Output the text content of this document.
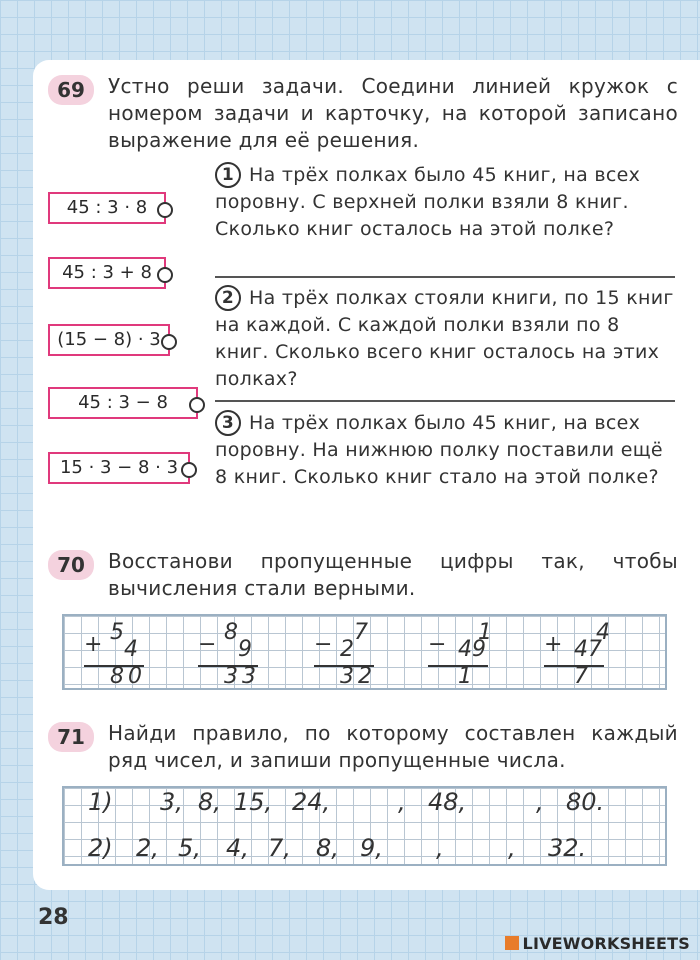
69	Устно реши задачи. Соедини линией кружок с номером задачи и карточку, на которой записано выражение для её решения.
45 : 3 · 8
45 : 3 + 8
(15 − 8) · 3
45 : 3 − 8
15 · 3 − 8 · 3
1 На трёх полках было 45 книг, на всех поровну. С верхней полки взяли 8 книг. Сколько книг осталось на этой полке?
2 На трёх полках стояли книги, по 15 книг на каждой. С каждой полки взяли по 8 книг. Сколько всего книг осталось на этих полках?
3 На трёх полках было 45 книг, на всех поровну. На нижнюю полку поставили ещё 8 книг. Сколько книг стало на этой полке?
70	Восстанови пропущенные цифры так, чтобы вычисления стали верными.
+ 5
4
80
− 8
9
33
− 7
2
32
− 1
49
1
+ 4
47
7
71	Найди правило, по которому составлен каждый ряд чисел, и запиши пропущенные числа.
1) 3, 8, 15, 24,	, 48,	, 80.
2) 2, 5, 4, 7, 8, 9, ,	, 32.
28
LIVEWORKSHEETS
